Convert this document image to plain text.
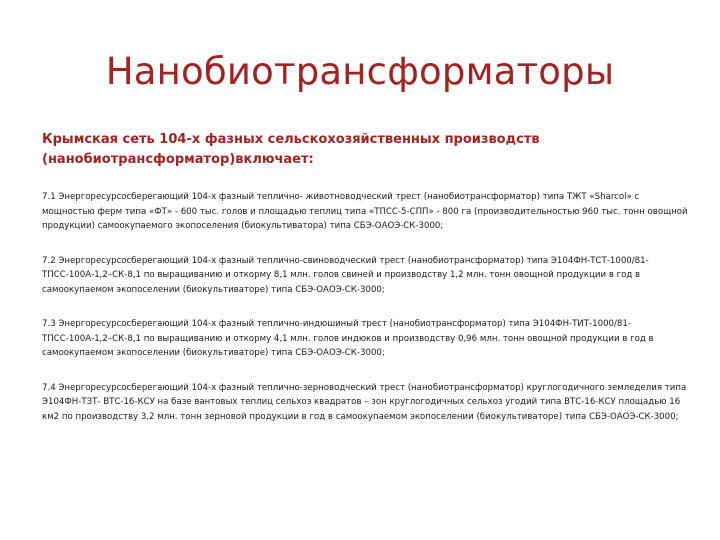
Нанобиотрансформаторы

Крымская сеть 104-х фазных сельскохозяйственных производств (нанобиотрансформатор)включает:

7.1 Энергоресурсосберегающий 104-х фазный теплично- животноводческий трест (нанобиотрансформатор) типа ТЖТ «Sharcol» с мощностью ферм типа «ФТ» - 600 тыс. голов и площадью теплиц типа «ТПСС-5-СПП» - 800 га (производительностью 960 тыс. тонн овощной продукции) самоокупаемого экопоселения (биокультиватора) типа СБЭ-ОАОЭ-СК-3000;

7.2 Энергоресурсосберегающий 104-х фазный теплично-свиноводческий трест (нанобиотрансформатор) типа Э104ФН-ТСТ-1000/81-ТПСС-100А-1,2–СК-8,1 по выращиванию и откорму 8,1 млн. голов свиней и производству 1,2 млн. тонн овощной продукции в год в самоокупаемом экопоселении (биокультиваторе) типа СБЭ-ОАОЭ-СК-3000;

7.3 Энергоресурсосберегающий 104-х фазный теплично-индюшиный трест (нанобиотрансформатор) типа Э104ФН-ТИТ-1000/81-ТПСС-100А-1,2–СК-8,1 по выращиванию и откорму 4,1 млн. голов индюков и производству 0,96 млн. тонн овощной продукции в год в самоокупаемом экопоселении (биокультиваторе) типа СБЭ-ОАОЭ-СК-3000;

7.4 Энергоресурсосберегающий 104-х фазный теплично-зерноводческий трест (нанобиотрансформатор) круглогодичного земледелия типа Э104ФН-ТЗТ- ВТС-16-КСУ на базе вантовых теплиц сельхоз квадратов – зон круглогодичных сельхоз угодий типа ВТС-16-КСУ площадью 16 км2 по производству 3,2 млн. тонн зерновой продукции в год в самоокупаемом экопоселении (биокультиваторе) типа СБЭ-ОАОЭ-СК-3000;
